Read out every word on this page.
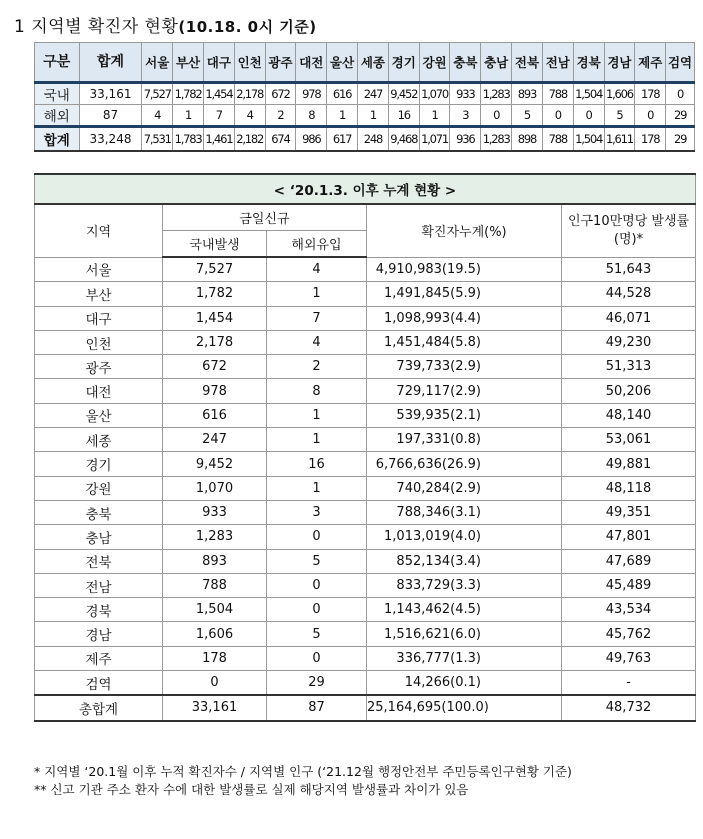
1 지역별 확진자 현황(10.18. 0시 기준)
구분	합계	서울	부산	대구	인천	광주	대전	울산	세종	경기	강원	충북	충남	전북	전남	경북	경남	제주	검역
국내	33,161	7,527	1,782	1,454	2,178	672	978	616	247	9,452	1,070	933	1,283	893	788	1,504	1,606	178	0
해외	87	4	1	7	4	2	8	1	1	16	1	3	0	5	0	0	5	0	29
합계	33,248	7,531	1,783	1,461	2,182	674	986	617	248	9,468	1,071	936	1,283	898	788	1,504	1,611	178	29
< ‘20.1.3. 이후 누계 현황 >				
지역	금일신규		확진자누계(%)	인구10만명당 발생률(명)*
	국내발생	해외유입		
서울	7,527	4	4,910,983(19.5)	51,643
부산	1,782	1	1,491,845(5.9)	44,528
대구	1,454	7	1,098,993(4.4)	46,071
인천	2,178	4	1,451,484(5.8)	49,230
광주	672	2	739,733(2.9)	51,313
대전	978	8	729,117(2.9)	50,206
울산	616	1	539,935(2.1)	48,140
세종	247	1	197,331(0.8)	53,061
경기	9,452	16	6,766,636(26.9)	49,881
강원	1,070	1	740,284(2.9)	48,118
충북	933	3	788,346(3.1)	49,351
충남	1,283	0	1,013,019(4.0)	47,801
전북	893	5	852,134(3.4)	47,689
전남	788	0	833,729(3.3)	45,489
경북	1,504	0	1,143,462(4.5)	43,534
경남	1,606	5	1,516,621(6.0)	45,762
제주	178	0	336,777(1.3)	49,763
검역	0	29	14,266(0.1)	-
총합계	33,161	87	25,164,695(100.0)	48,732
* 지역별 ‘20.1월 이후 누적 확진자수 / 지역별 인구 (‘21.12월 행정안전부 주민등록인구현황 기준)
** 신고 기관 주소 환자 수에 대한 발생률로 실제 해당지역 발생률과 차이가 있음
